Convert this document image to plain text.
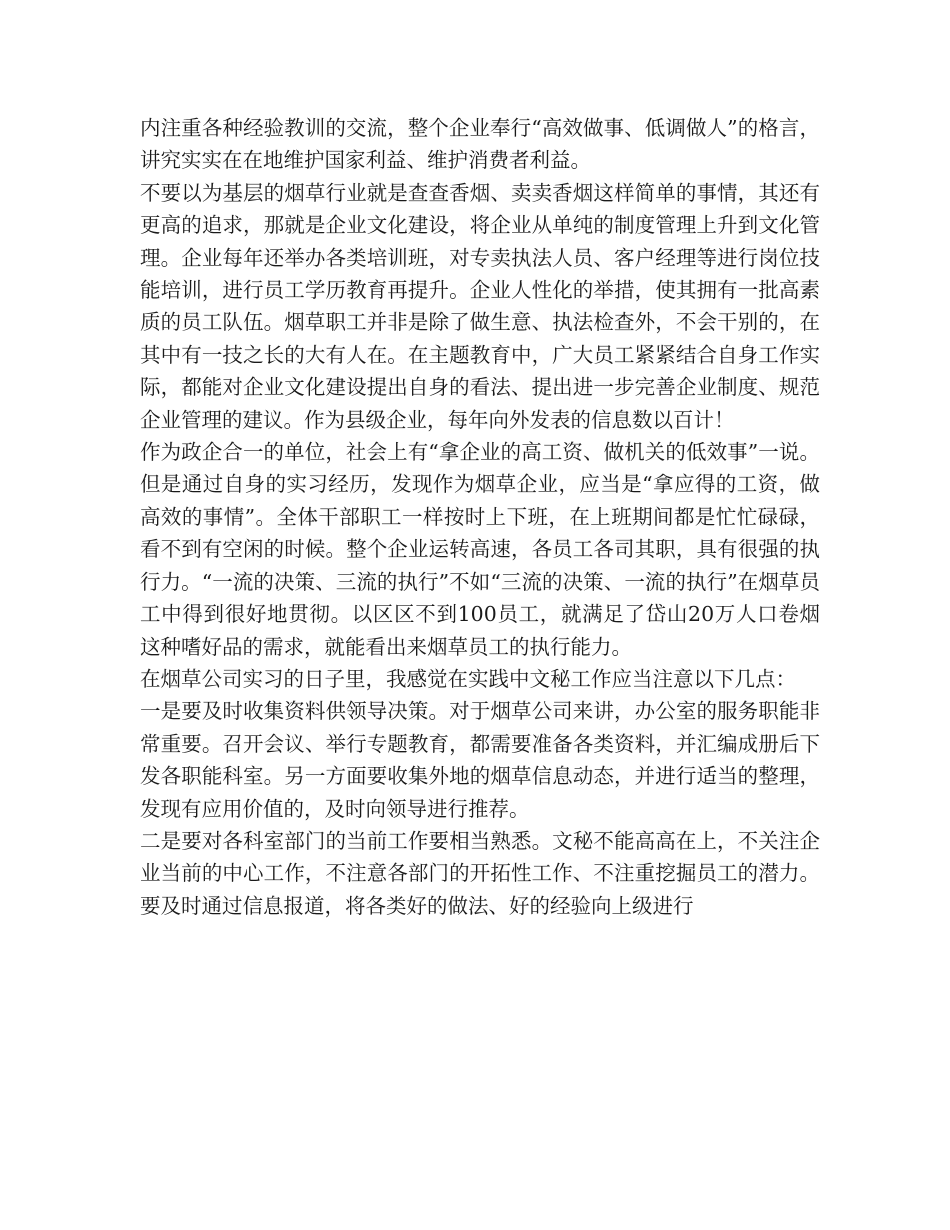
内注重各种经验教训的交流，整个企业奉行“高效做事、低调做人”的格言，讲究实实在在地维护国家利益、维护消费者利益。

不要以为基层的烟草行业就是查查香烟、卖卖香烟这样简单的事情，其还有更高的追求，那就是企业文化建设，将企业从单纯的制度管理上升到文化管理。企业每年还举办各类培训班，对专卖执法人员、客户经理等进行岗位技能培训，进行员工学历教育再提升。企业人性化的举措，使其拥有一批高素质的员工队伍。烟草职工并非是除了做生意、执法检查外，不会干别的，在其中有一技之长的大有人在。在主题教育中，广大员工紧紧结合自身工作实际，都能对企业文化建设提出自身的看法、提出进一步完善企业制度、规范企业管理的建议。作为县级企业，每年向外发表的信息数以百计！

作为政企合一的单位，社会上有“拿企业的高工资、做机关的低效事”一说。但是通过自身的实习经历，发现作为烟草企业，应当是“拿应得的工资，做高效的事情”。全体干部职工一样按时上下班，在上班期间都是忙忙碌碌，看不到有空闲的时候。整个企业运转高速，各员工各司其职，具有很强的执行力。“一流的决策、三流的执行”不如“三流的决策、一流的执行”在烟草员工中得到很好地贯彻。以区区不到100员工，就满足了岱山20万人口卷烟这种嗜好品的需求，就能看出来烟草员工的执行能力。

在烟草公司实习的日子里，我感觉在实践中文秘工作应当注意以下几点：

一是要及时收集资料供领导决策。对于烟草公司来讲，办公室的服务职能非常重要。召开会议、举行专题教育，都需要准备各类资料，并汇编成册后下发各职能科室。另一方面要收集外地的烟草信息动态，并进行适当的整理，发现有应用价值的，及时向领导进行推荐。

二是要对各科室部门的当前工作要相当熟悉。文秘不能高高在上，不关注企业当前的中心工作，不注意各部门的开拓性工作、不注重挖掘员工的潜力。要及时通过信息报道，将各类好的做法、好的经验向上级进行
